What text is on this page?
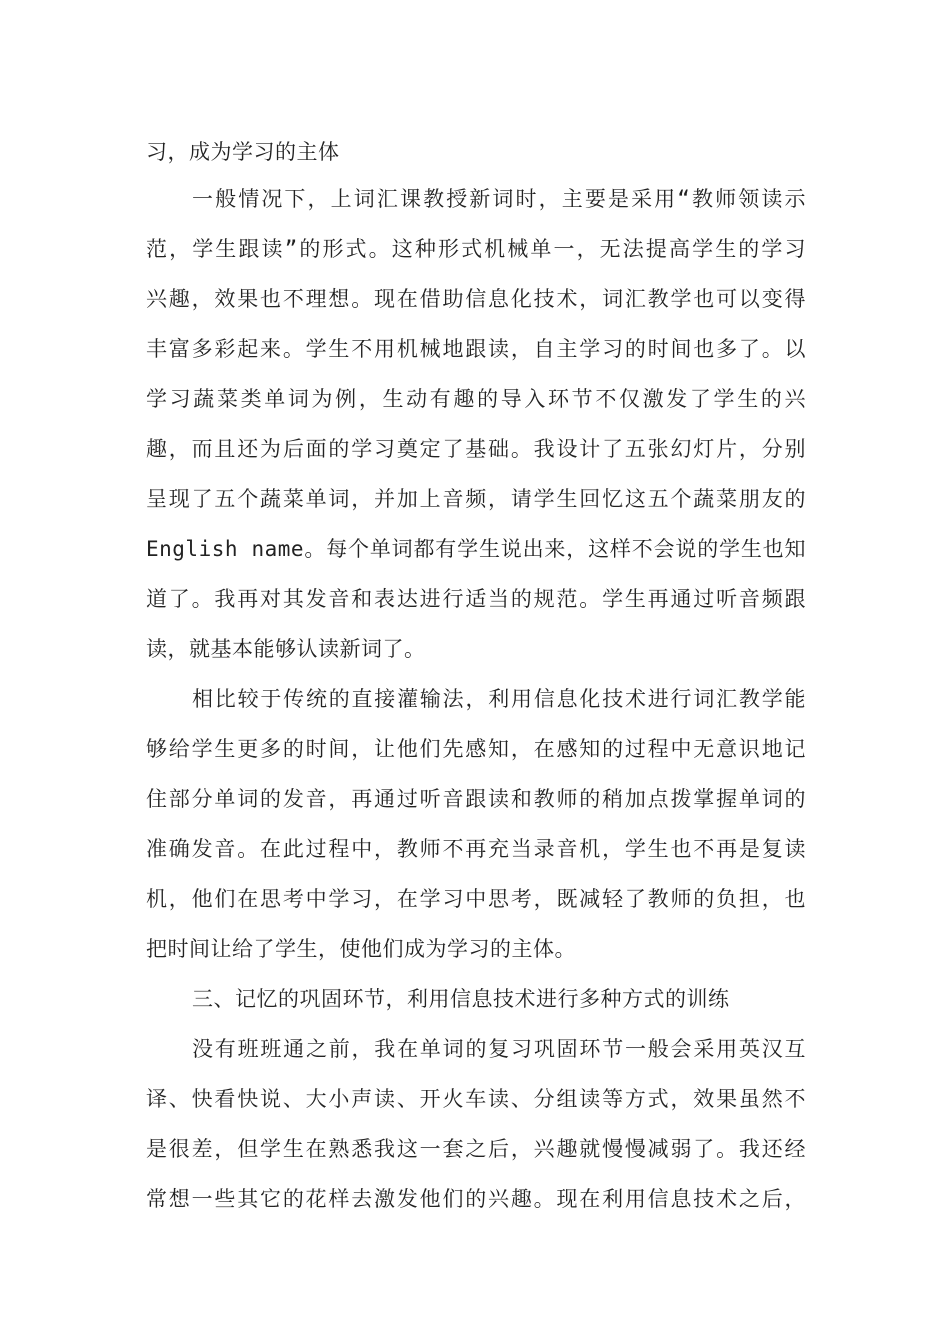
习，成为学习的主体
一般情况下，上词汇课教授新词时，主要是采用“教师领读示
范，学生跟读”的形式。这种形式机械单一，无法提高学生的学习
兴趣，效果也不理想。现在借助信息化技术，词汇教学也可以变得
丰富多彩起来。学生不用机械地跟读，自主学习的时间也多了。以
学习蔬菜类单词为例，生动有趣的导入环节不仅激发了学生的兴
趣，而且还为后面的学习奠定了基础。我设计了五张幻灯片，分别
呈现了五个蔬菜单词，并加上音频，请学生回忆这五个蔬菜朋友的
English name。每个单词都有学生说出来，这样不会说的学生也知
道了。我再对其发音和表达进行适当的规范。学生再通过听音频跟
读，就基本能够认读新词了。
相比较于传统的直接灌输法，利用信息化技术进行词汇教学能
够给学生更多的时间，让他们先感知，在感知的过程中无意识地记
住部分单词的发音，再通过听音跟读和教师的稍加点拨掌握单词的
准确发音。在此过程中，教师不再充当录音机，学生也不再是复读
机，他们在思考中学习，在学习中思考，既减轻了教师的负担，也
把时间让给了学生，使他们成为学习的主体。
三、记忆的巩固环节，利用信息技术进行多种方式的训练
没有班班通之前，我在单词的复习巩固环节一般会采用英汉互
译、快看快说、大小声读、开火车读、分组读等方式，效果虽然不
是很差，但学生在熟悉我这一套之后，兴趣就慢慢减弱了。我还经
常想一些其它的花样去激发他们的兴趣。现在利用信息技术之后，
